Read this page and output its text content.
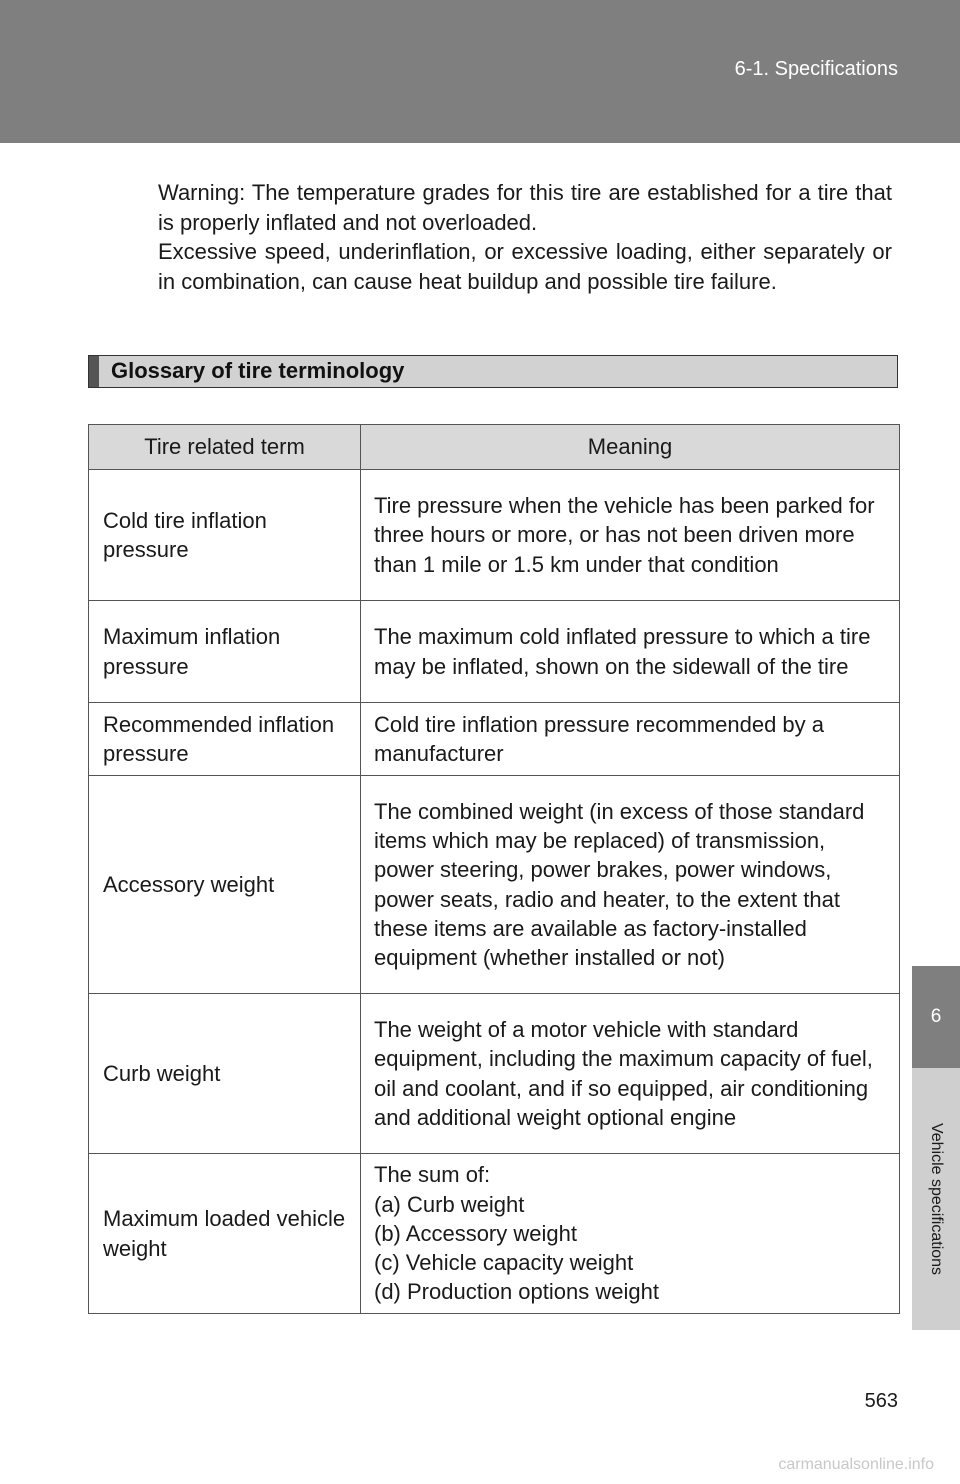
6-1. Specifications
6
Vehicle specifications

Warning: The temperature grades for this tire are established for a tire that is properly inflated and not overloaded.

Excessive speed, underinflation, or excessive loading, either separately or in combination, can cause heat buildup and possible tire failure.

Glossary of tire terminology
Tire related term	Meaning
Cold tire inflation pressure	Tire pressure when the vehicle has been parked for three hours or more, or has not been driven more than 1 mile or 1.5 km under that condition
Maximum inflation pressure	The maximum cold inflated pressure to which a tire may be inflated, shown on the sidewall of the tire
Recommended inflation pressure	Cold tire inflation pressure recommended by a manufacturer
Accessory weight	The combined weight (in excess of those standard items which may be replaced) of transmission, power steering, power brakes, power windows, power seats, radio and heater, to the extent that these items are available as factory-installed equipment (whether installed or not)
Curb weight	The weight of a motor vehicle with standard equipment, including the maximum capacity of fuel, oil and coolant, and if so equipped, air conditioning and additional weight optional engine
Maximum loaded vehicle weight	The sum of:
(a) Curb weight
(b) Accessory weight
(c) Vehicle capacity weight
(d) Production options weight
563
carmanualsonline.info
